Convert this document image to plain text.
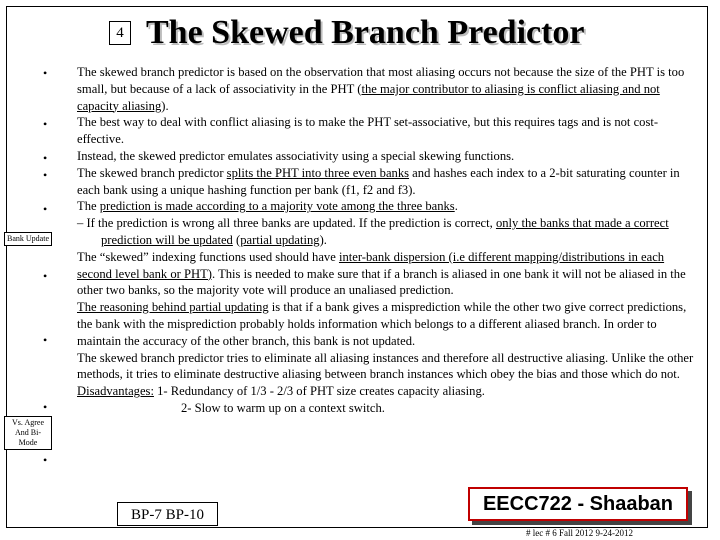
4 The Skewed Branch Predictor
Bank Update
Vs. Agree And Bi-Mode
•
•
•
•
•
•
•
•
•
The skewed branch predictor is based on the observation that most aliasing occurs not because the size of the PHT is too small, but because of a lack of associativity in the PHT (the major contributor to aliasing is conflict aliasing and not capacity aliasing).
The best way to deal with conflict aliasing is to make the PHT set-associative, but this requires tags and is not cost-effective.
Instead, the skewed predictor emulates associativity using a special skewing functions.
The skewed branch predictor splits the PHT into three even banks and hashes each index to a 2-bit saturating counter in each bank using a unique hashing function per bank (f1, f2 and f3).
The prediction is made according to a majority vote among the three banks.
– If the prediction is wrong all three banks are updated. If the prediction is correct, only the banks that made a correct prediction will be updated (partial updating).
The “skewed” indexing functions used should have inter-bank dispersion (i.e different mapping/distributions in each second level bank or PHT). This is needed to make sure that if a branch is aliased in one bank it will not be aliased in the other two banks, so the majority vote will produce an unaliased prediction.
The reasoning behind partial updating is that if a bank gives a misprediction while the other two give correct predictions, the bank with the misprediction probably holds information which belongs to a different aliased branch. In order to maintain the accuracy of the other branch, this bank is not updated.
The skewed branch predictor tries to eliminate all aliasing instances and therefore all destructive aliasing. Unlike the other methods, it tries to eliminate destructive aliasing between branch instances which obey the bias and those which do not.
Disadvantages: 1- Redundancy of 1/3 - 2/3 of PHT size creates capacity aliasing.
2- Slow to warm up on a context switch.
BP-7 BP-10	EECC722 - Shaaban
# lec # 6 Fall 2012 9-24-2012
